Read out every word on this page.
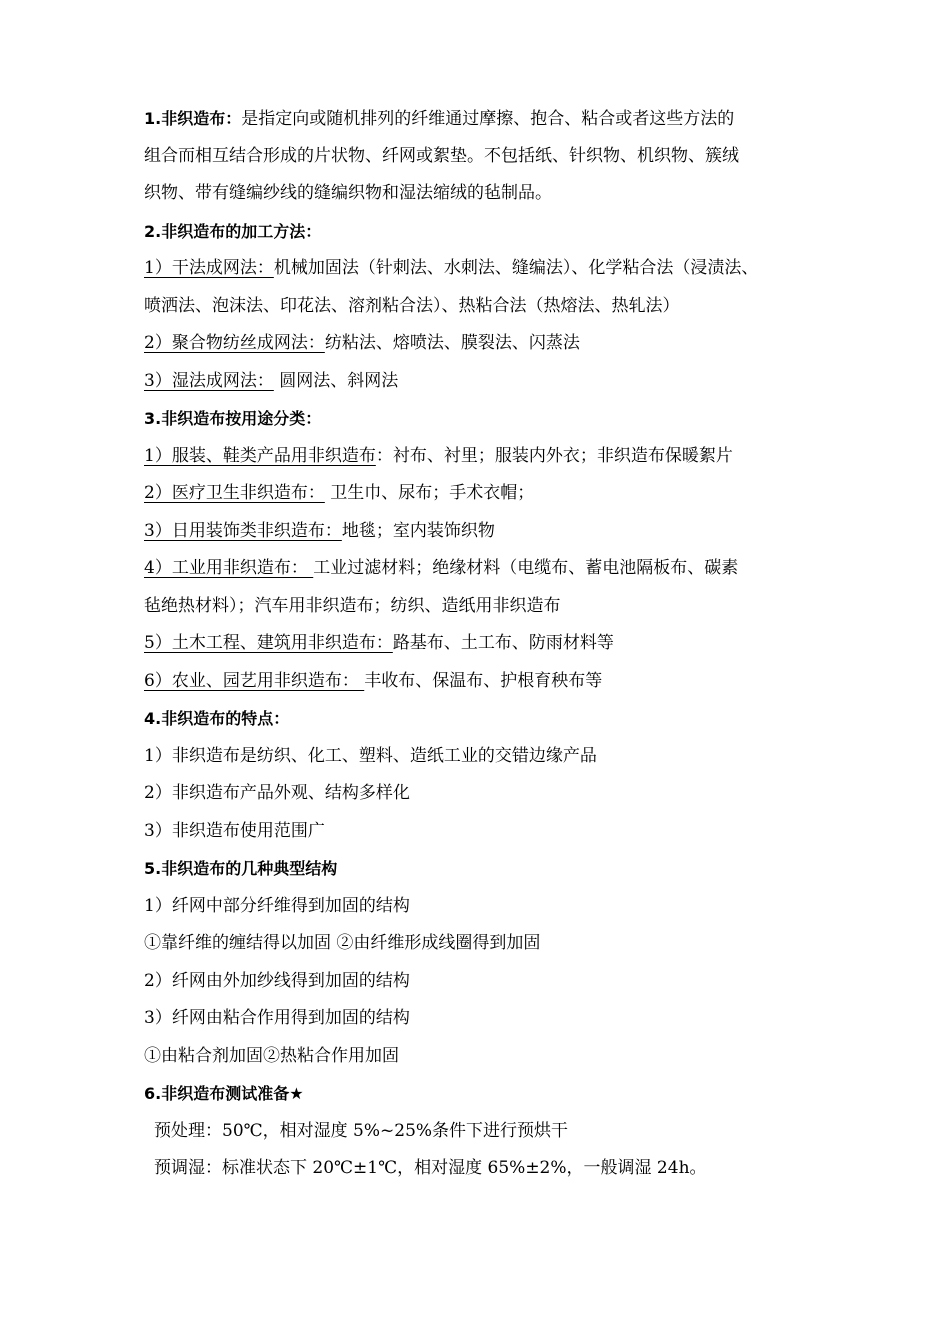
1.非织造布：是指定向或随机排列的纤维通过摩擦、抱合、粘合或者这些方法的
组合而相互结合形成的片状物、纤网或絮垫。不包括纸、针织物、机织物、簇绒
织物、带有缝编纱线的缝编织物和湿法缩绒的毡制品。
2.非织造布的加工方法：
1）干法成网法：机械加固法（针刺法、水刺法、缝编法）、化学粘合法（浸渍法、
喷洒法、泡沫法、印花法、溶剂粘合法）、热粘合法（热熔法、热轧法）
2）聚合物纺丝成网法：纺粘法、熔喷法、膜裂法、闪蒸法
3）湿法成网法： 圆网法、斜网法
3.非织造布按用途分类：
1）服装、鞋类产品用非织造布：衬布、衬里；服装内外衣；非织造布保暖絮片
2）医疗卫生非织造布： 卫生巾、尿布；手术衣帽；
3）日用装饰类非织造布：地毯；室内装饰织物
4）工业用非织造布： 工业过滤材料；绝缘材料（电缆布、蓄电池隔板布、碳素
毡绝热材料）；汽车用非织造布；纺织、造纸用非织造布
5）土木工程、建筑用非织造布：路基布、土工布、防雨材料等
6）农业、园艺用非织造布： 丰收布、保温布、护根育秧布等
4.非织造布的特点：
1）非织造布是纺织、化工、塑料、造纸工业的交错边缘产品
2）非织造布产品外观、结构多样化
3）非织造布使用范围广
5.非织造布的几种典型结构
1）纤网中部分纤维得到加固的结构
①靠纤维的缠结得以加固 ②由纤维形成线圈得到加固
2）纤网由外加纱线得到加固的结构
3）纤网由粘合作用得到加固的结构
①由粘合剂加固②热粘合作用加固
6.非织造布测试准备★
预处理：50℃，相对湿度 5%~25%条件下进行预烘干
预调湿：标准状态下 20℃±1℃，相对湿度 65%±2%，一般调湿 24h。
